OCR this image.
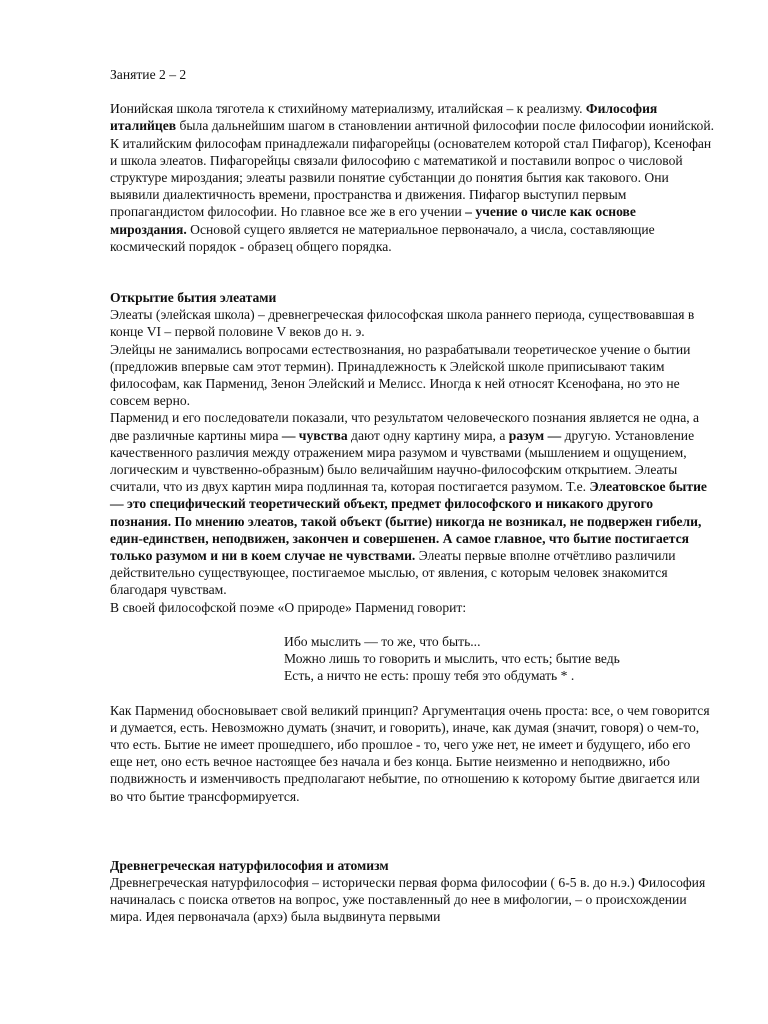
Занятие 2 – 2

Ионийская школа тяготела к стихийному материализму, италийская – к реализму. Философия италийцев была дальнейшим шагом в становлении античной философии после философии ионийской. К италийским философам принадлежали пифагорейцы (основателем которой стал Пифагор), Ксенофан и школа элеатов. Пифагорейцы связали философию с математикой и поставили вопрос о числовой структуре мироздания; элеаты развили понятие субстанции до понятия бытия как такового. Они выявили диалектичность времени, пространства и движения. Пифагор выступил первым пропагандистом философии. Но главное все же в его учении – учение о числе как основе мироздания. Основой сущего является не материальное первоначало, а числа, составляющие космический порядок - образец общего порядка.

Открытие бытия элеатами

Элеаты (элейская школа) – древнегреческая философская школа раннего периода, существовавшая в конце VI – первой половине V веков до н. э.

Элейцы не занимались вопросами естествознания, но разрабатывали теоретическое учение о бытии (предложив впервые сам этот термин). Принадлежность к Элейской школе приписывают таким философам, как Парменид, Зенон Элейский и Мелисс. Иногда к ней относят Ксенофана, но это не совсем верно.

Парменид и его последователи показали, что результатом человеческого познания является не одна, а две различные картины мира — чувства дают одну картину мира, а разум — другую. Установление качественного различия между отражением мира разумом и чувствами (мышлением и ощущением, логическим и чувственно-образным) было величайшим научно-философским открытием. Элеаты считали, что из двух картин мира подлинная та, которая постигается разумом. Т.е. Элеатовское бытие — это специфический теоретический объект, предмет философского и никакого другого познания. По мнению элеатов, такой объект (бытие) никогда не возникал, не подвержен гибели, един-единствен, неподвижен, закончен и совершенен. А самое главное, что бытие постигается только разумом и ни в коем случае не чувствами. Элеаты первые вполне отчётливо различили действительно существующее, постигаемое мыслью, от явления, с которым человек знакомится благодаря чувствам.

В своей философской поэме «О природе» Парменид говорит:

Ибо мыслить — то же, что быть...

Можно лишь то говорить и мыслить, что есть; бытие ведь

Есть, а ничто не есть: прошу тебя это обдумать * .

Как Парменид обосновывает свой великий принцип? Аргументация очень проста: все, о чем говорится и думается, есть. Невозможно думать (значит, и говорить), иначе, как думая (значит, говоря) о чем-то, что есть. Бытие не имеет прошедшего, ибо прошлое - то, чего уже нет, не имеет и будущего, ибо его еще нет, оно есть вечное настоящее без начала и без конца. Бытие неизменно и неподвижно, ибо подвижность и изменчивость предполагают небытие, по отношению к которому бытие двигается или во что бытие трансформируется.

Древнегреческая натурфилософия и атомизм

Древнегреческая натурфилософия – исторически первая форма философии ( 6-5 в. до н.э.) Философия начиналась с поиска ответов на вопрос, уже поставленный до нее в мифологии, – о происхождении мира. Идея первоначала (архэ) была выдвинута первыми
